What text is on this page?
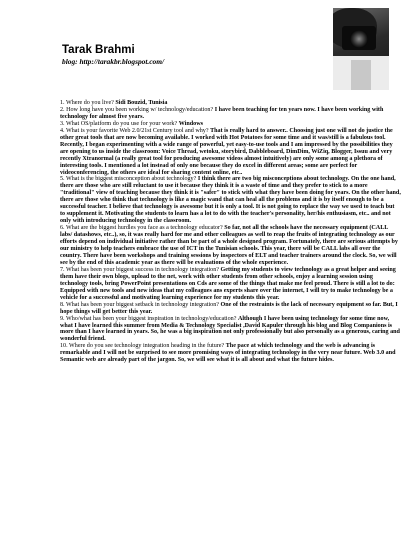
Tarak Brahmi
blog: http://tarakbr.blogspot.com/

1. Where do you live? Sidi Bouzid, Tunisia

2. How long have you been working w/ technology/education? I have been teaching for ten years now. I have been working with technology for almost five years.

3. What OS/platform do you use for your work? Windows

4. What is your favorite Web 2.0/21st Century tool and why? That is really hard to answer.. Choosing just one will not do justice the other great tools that are now becoming available. I worked with Hot Potatoes for some time and it was/still is a fabulous tool. Recently, I began experimenting with a wide range of powerful, yet easy-to-use tools and I am impressed by the possibilities they are opening to us inside the classroom: Voice Thread, wetoku, storybird, Dabbleboard, DimDim, WiZiq, Blogger, Issuu and very recently Xtranormal (a really great tool for producing awesome videos almost intuitively) are only some among a plethora of interesting tools. I mentioned a lot instead of only one because they do excel in different areas; some are perfect for videoconferencing, the others are ideal for sharing content online, etc..

5. What is the biggest misconception about technology? I think there are two big misconceptions about technology. On the one hand, there are those who are still reluctant to use it because they think it is a waste of time and they prefer to stick to a more "traditional" view of teaching because they think it is "safer" to stick with what they have been doing for years. On the other hand, there are those who think that technology is like a magic wand that can heal all the problems and it is by itself enough to be a successful teacher. I believe that technology is awesome but it is only a tool. It is not going to replace the way we used to teach but to supplement it. Motivating the students to learn has a lot to do with the teacher's personality, her/his enthusiasm, etc.. and not only with introducing technology in the classroom.

6. What are the biggest hurdles you face as a technology educator? So far, not all the schools have the necessary equipment (CALL labs/ datashows, etc..), so, it was really hard for me and other colleagues as well to reap the fruits of integrating technology as our efforts depend on individual initiative rather than be part of a whole designed program. Fortunately, there are serious attempts by our ministry to help teachers embrace the use of ICT in the Tunisian schools. This year, there will be CALL labs all over the country. There have been workshops and training sessions by inspectors of ELT and teacher trainers around the clock. So, we will see by the end of this academic year as there will be evaluations of the whole experience.

7. What has been your biggest success in technology integration? Getting my students to view technology as a great helper and seeing them have their own blogs, upload to the net, work with other students from other schools, enjoy a learning session using technology tools, bring PowerPoint presentations on Cds are some of the things that make me feel proud. There is still a lot to do: Equipped with new tools and new ideas that my colleagues ans experts share over the internet, I will try to make technology be a vehicle for a successful and motivating learning experience for my students this year.

8. What has been your biggest setback in technology integration? One of the restraints is the lack of necessary equipment so far. But, I hope things will get better this year.

9. Who/what has been your biggest inspiration in technology/education? Although I have been using technology for some time now, what I have learned this summer from Media & Technology Specialist ,David Kapuler through his blog and Blog Companions is more than I have learned in years. So, he was a big inspiration not only professionally but also personally as a generous, caring and wonderful friend.

10. Where do you see technology integration heading in the future? The pace at which technology and the web is advancing is remarkable and I will not be surprised to see more promising ways of integrating technology in the very near future. Web 3.0 and Semantic web are already part of the jargon. So, we will see what it is all about and what the future hides.
